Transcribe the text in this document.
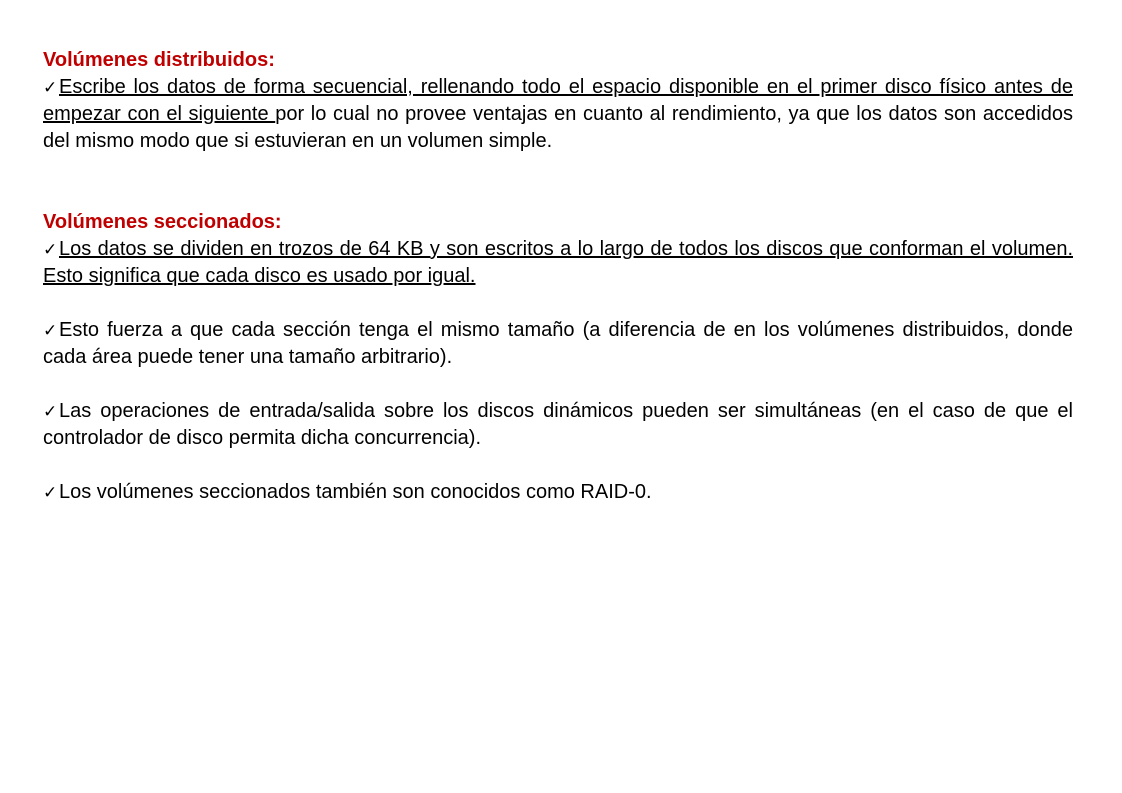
Volúmenes distribuidos:

✓Escribe los datos de forma secuencial, rellenando todo el espacio disponible en el primer disco físico antes de empezar con el siguiente por lo cual no provee ventajas en cuanto al rendimiento, ya que los datos son accedidos del mismo modo que si estuvieran en un volumen simple.

Volúmenes seccionados:

✓Los datos se dividen en trozos de 64 KB y son escritos a lo largo de todos los discos que conforman el volumen. Esto significa que cada disco es usado por igual.

✓Esto fuerza a que cada sección tenga el mismo tamaño (a diferencia de en los volúmenes distribuidos, donde cada área puede tener una tamaño arbitrario).

✓Las operaciones de entrada/salida sobre los discos dinámicos pueden ser simultáneas (en el caso de que el controlador de disco permita dicha concurrencia).

✓Los volúmenes seccionados también son conocidos como RAID-0.
